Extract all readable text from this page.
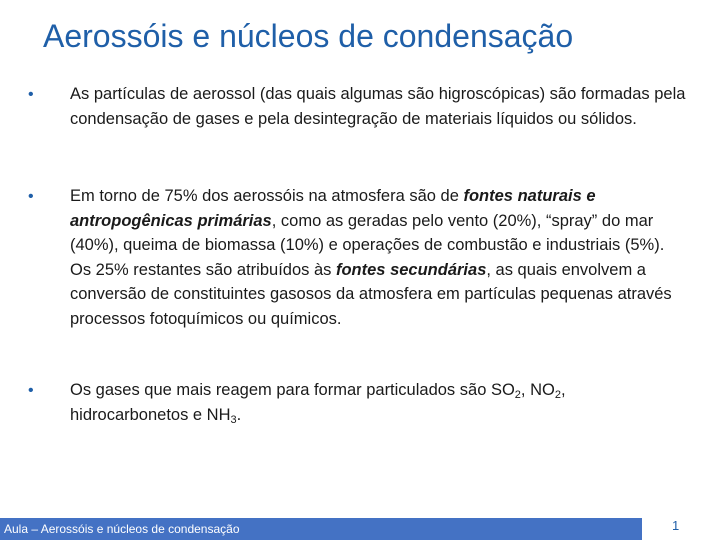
Aerossóis e núcleos de condensação
•	As partículas de aerossol (das quais algumas são higroscópicas) são formadas pela condensação de gases e pela desintegração de materiais líquidos ou sólidos.
•	Em torno de 75% dos aerossóis na atmosfera são de fontes naturais e antropogênicas primárias, como as geradas pelo vento (20%), “spray” do mar (40%), queima de biomassa (10%) e operações de combustão e industriais (5%). Os 25% restantes são atribuídos às fontes secundárias, as quais envolvem a conversão de constituintes gasosos da atmosfera em partículas pequenas através processos fotoquímicos ou químicos.
•	Os gases que mais reagem para formar particulados são $SO_2$, $NO_2$, hidrocarbonetos e $NH_3$.
Aula – Aerossóis e núcleos de condensação	1
